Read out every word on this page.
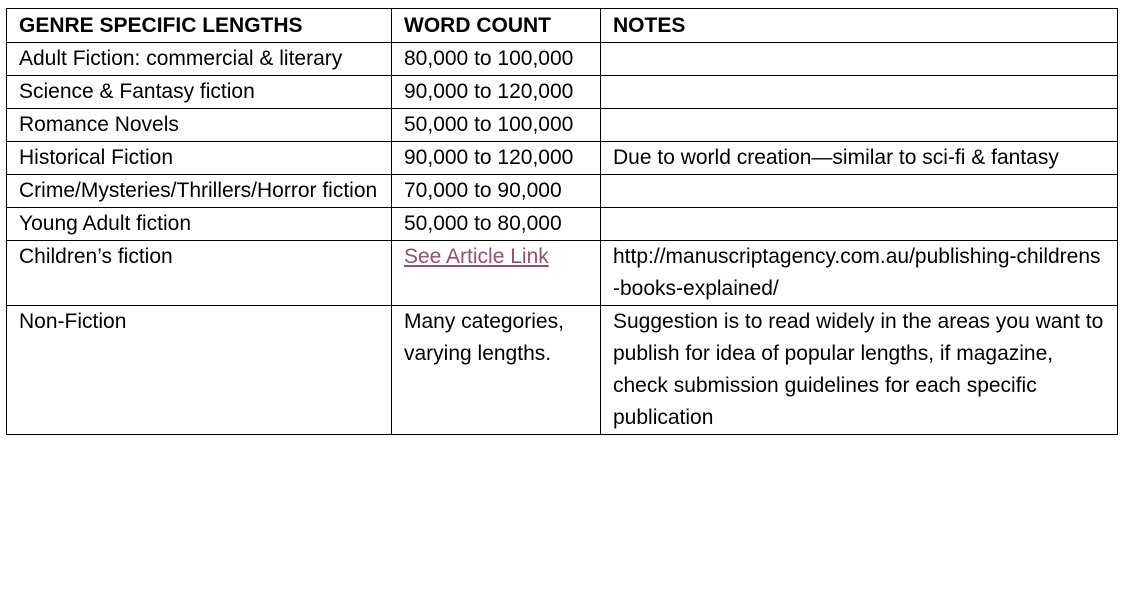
GENRE SPECIFIC LENGTHS	WORD COUNT	NOTES
Adult Fiction: commercial & literary	80,000 to 100,000	
Science & Fantasy fiction	90,000 to 120,000	
Romance Novels	50,000 to 100,000	
Historical Fiction	90,000 to 120,000	Due to world creation—similar to sci-fi & fantasy
Crime/Mysteries/Thrillers/Horror fiction	70,000 to 90,000	
Young Adult fiction	50,000 to 80,000	
Children’s fiction	See Article Link	http://manuscriptagency.com.au/publishing-childrens-books-explained/
Non-Fiction	Many categories, varying lengths.	Suggestion is to read widely in the areas you want to publish for idea of popular lengths, if magazine, check submission guidelines for each specific publication
